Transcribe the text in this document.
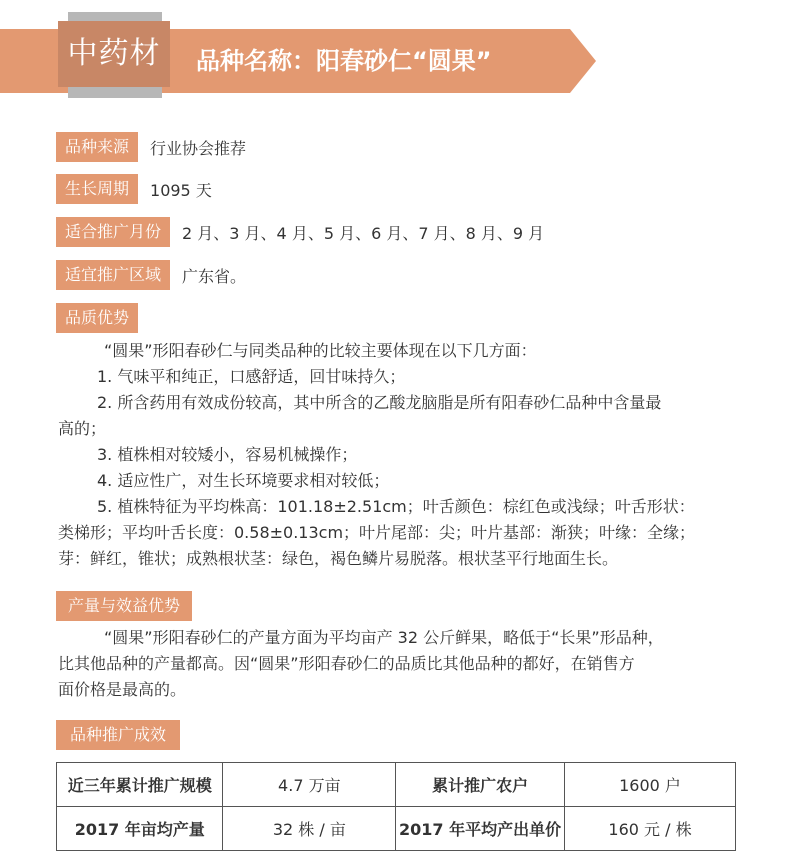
中药材	品种名称：阳春砂仁“圆果”
品种来源	行业协会推荐
生长周期	1095 天
适合推广月份	2 月、3 月、4 月、5 月、6 月、7 月、8 月、9 月
适宜推广区域	广东省。
品质优势
“圆果”形阳春砂仁与同类品种的比较主要体现在以下几方面：
1. 气味平和纯正，口感舒适，回甘味持久；
2. 所含药用有效成份较高，其中所含的乙酸龙脑脂是所有阳春砂仁品种中含量最
高的；
3. 植株相对较矮小，容易机械操作；
4. 适应性广，对生长环境要求相对较低；
5. 植株特征为平均株高：101.18±2.51cm；叶舌颜色：棕红色或浅绿；叶舌形状：
类梯形；平均叶舌长度：0.58±0.13cm；叶片尾部：尖；叶片基部：渐狭；叶缘：全缘；
芽：鲜红，锥状；成熟根状茎：绿色，褐色鳞片易脱落。根状茎平行地面生长。
产量与效益优势
“圆果”形阳春砂仁的产量方面为平均亩产 32 公斤鲜果，略低于“长果”形品种，
比其他品种的产量都高。因“圆果”形阳春砂仁的品质比其他品种的都好，在销售方
面价格是最高的。
品种推广成效
近三年累计推广规模	4.7 万亩	累计推广农户	1600 户
2017 年亩均产量	32 株 / 亩	2017 年平均产出单价	160 元 / 株
